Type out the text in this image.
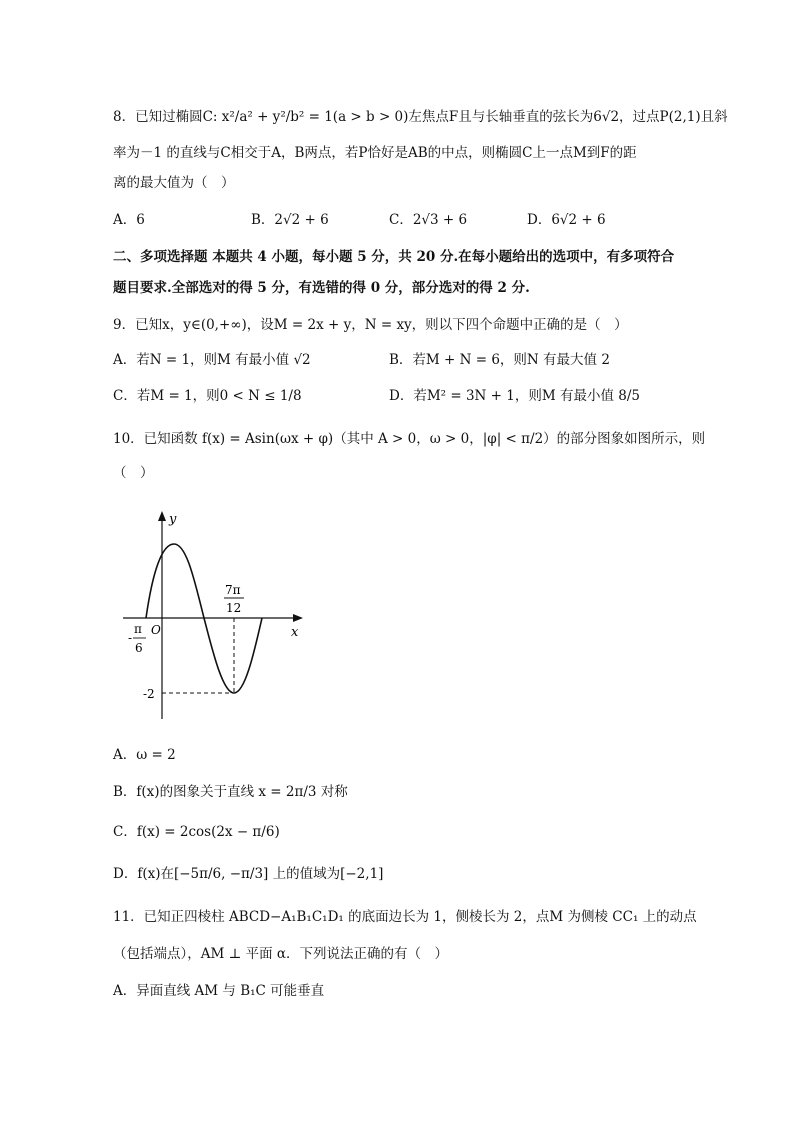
8．已知过椭圆C: x²/a² + y²/b² = 1(a > b > 0)左焦点F且与长轴垂直的弦长为6√2，过点P(2,1)且斜
率为－1 的直线与C相交于A，B两点，若P恰好是AB的中点，则椭圆C上一点M到F的距
离的最大值为（　）
A．6	B．2√2 + 6	C．2√3 + 6	D．6√2 + 6
二、多项选择题 本题共 4 小题，每小题 5 分，共 20 分.在每小题给出的选项中，有多项符合
题目要求.全部选对的得 5 分，有选错的得 0 分，部分选对的得 2 分.
9．已知x，y∈(0,+∞)，设M = 2x + y，N = xy，则以下四个命题中正确的是（　）
A．若N = 1，则M 有最小值 √2	B．若M + N = 6，则N 有最大值 2
C．若M = 1，则0 < N ≤ 1/8	D．若M² = 3N + 1，则M 有最小值 8/5
10．已知函数 f(x) = Asin(ωx + φ)（其中 A > 0，ω > 0，|φ| < π/2）的部分图象如图所示，则
（　）
y
x
O
7π
12
-
π
6
-2
A．ω = 2
B．f(x)的图象关于直线 x = 2π/3 对称
C．f(x) = 2cos(2x − π/6)
D．f(x)在[−5π/6, −π/3] 上的值域为[−2,1]
11．已知正四棱柱 ABCD−A₁B₁C₁D₁ 的底面边长为 1，侧棱长为 2，点M 为侧棱 CC₁ 上的动点
（包括端点），AM ⊥ 平面 α．下列说法正确的有（　）
A．异面直线 AM 与 B₁C 可能垂直
